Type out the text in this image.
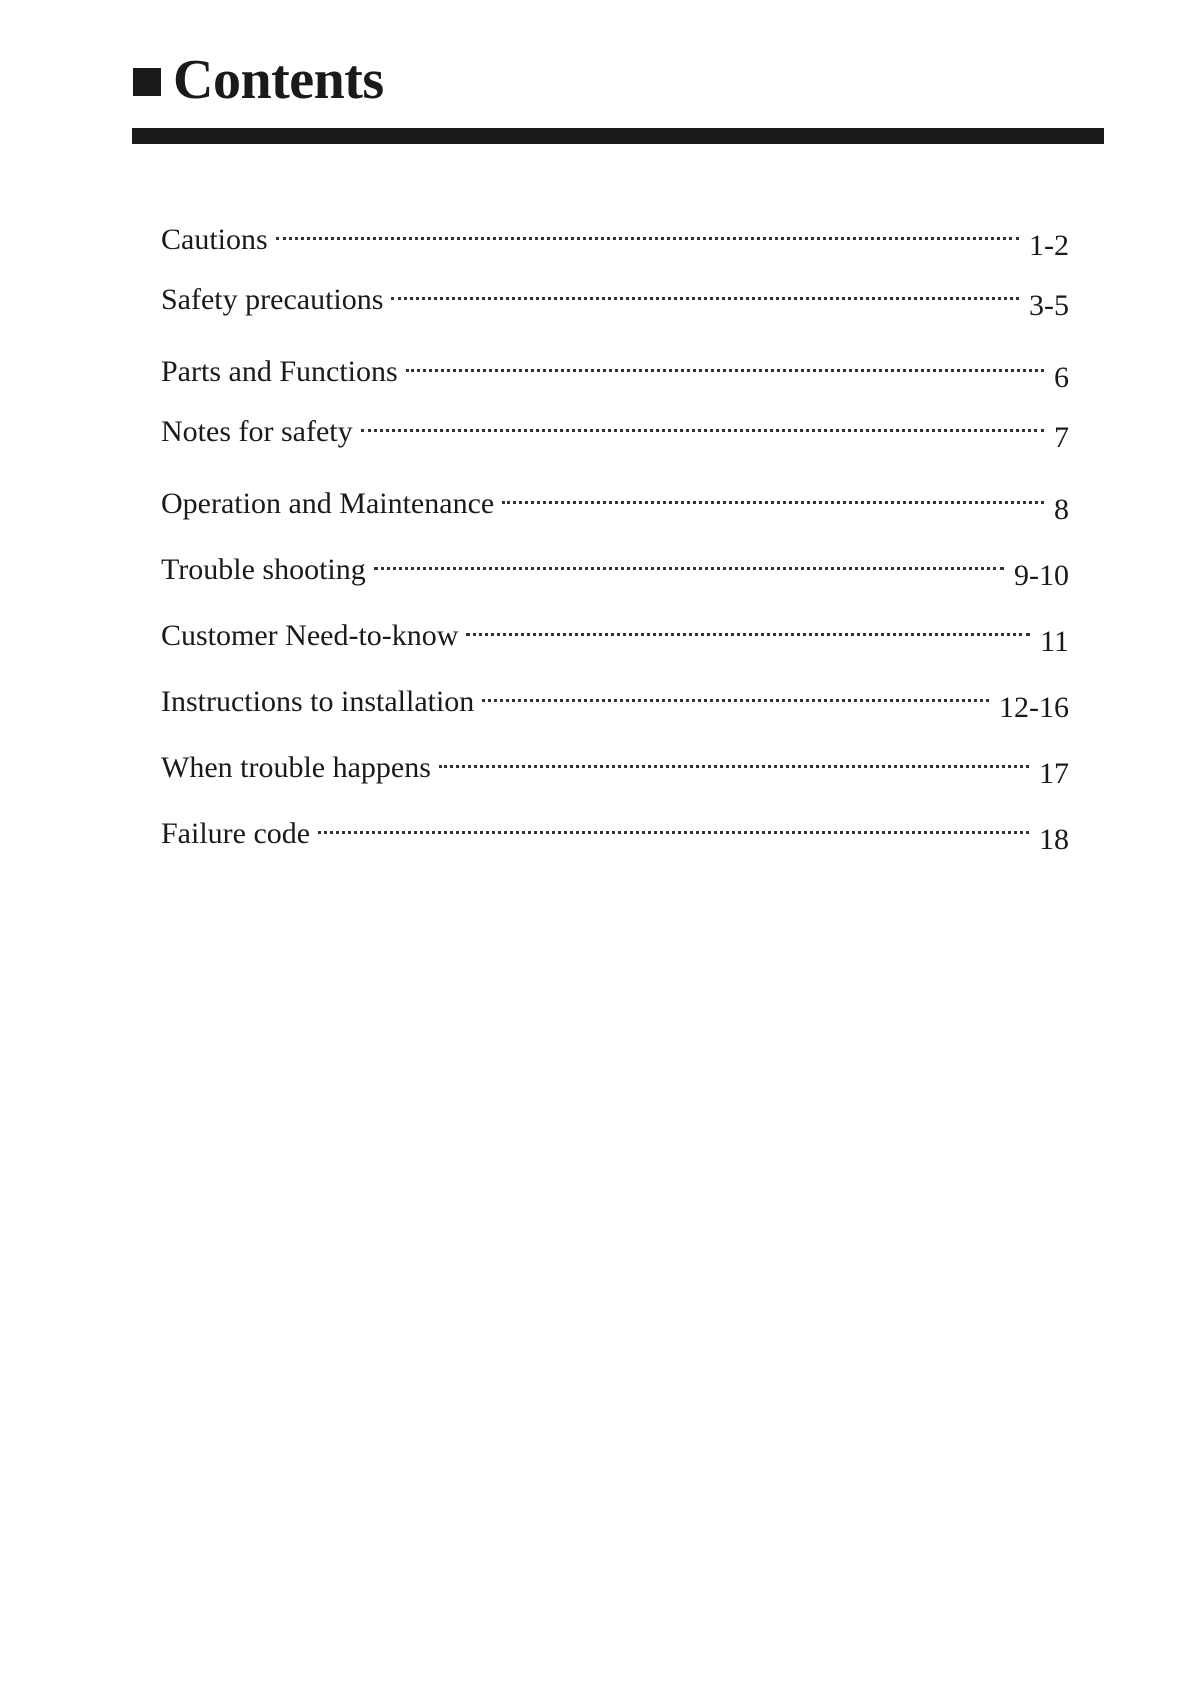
Contents
Cautions	1-2
Safety precautions	3-5
Parts and Functions	6
Notes for safety	7
Operation and Maintenance	8
Trouble shooting	9-10
Customer Need-to-know	11
Instructions to installation	12-16
When trouble happens	17
Failure code	18
